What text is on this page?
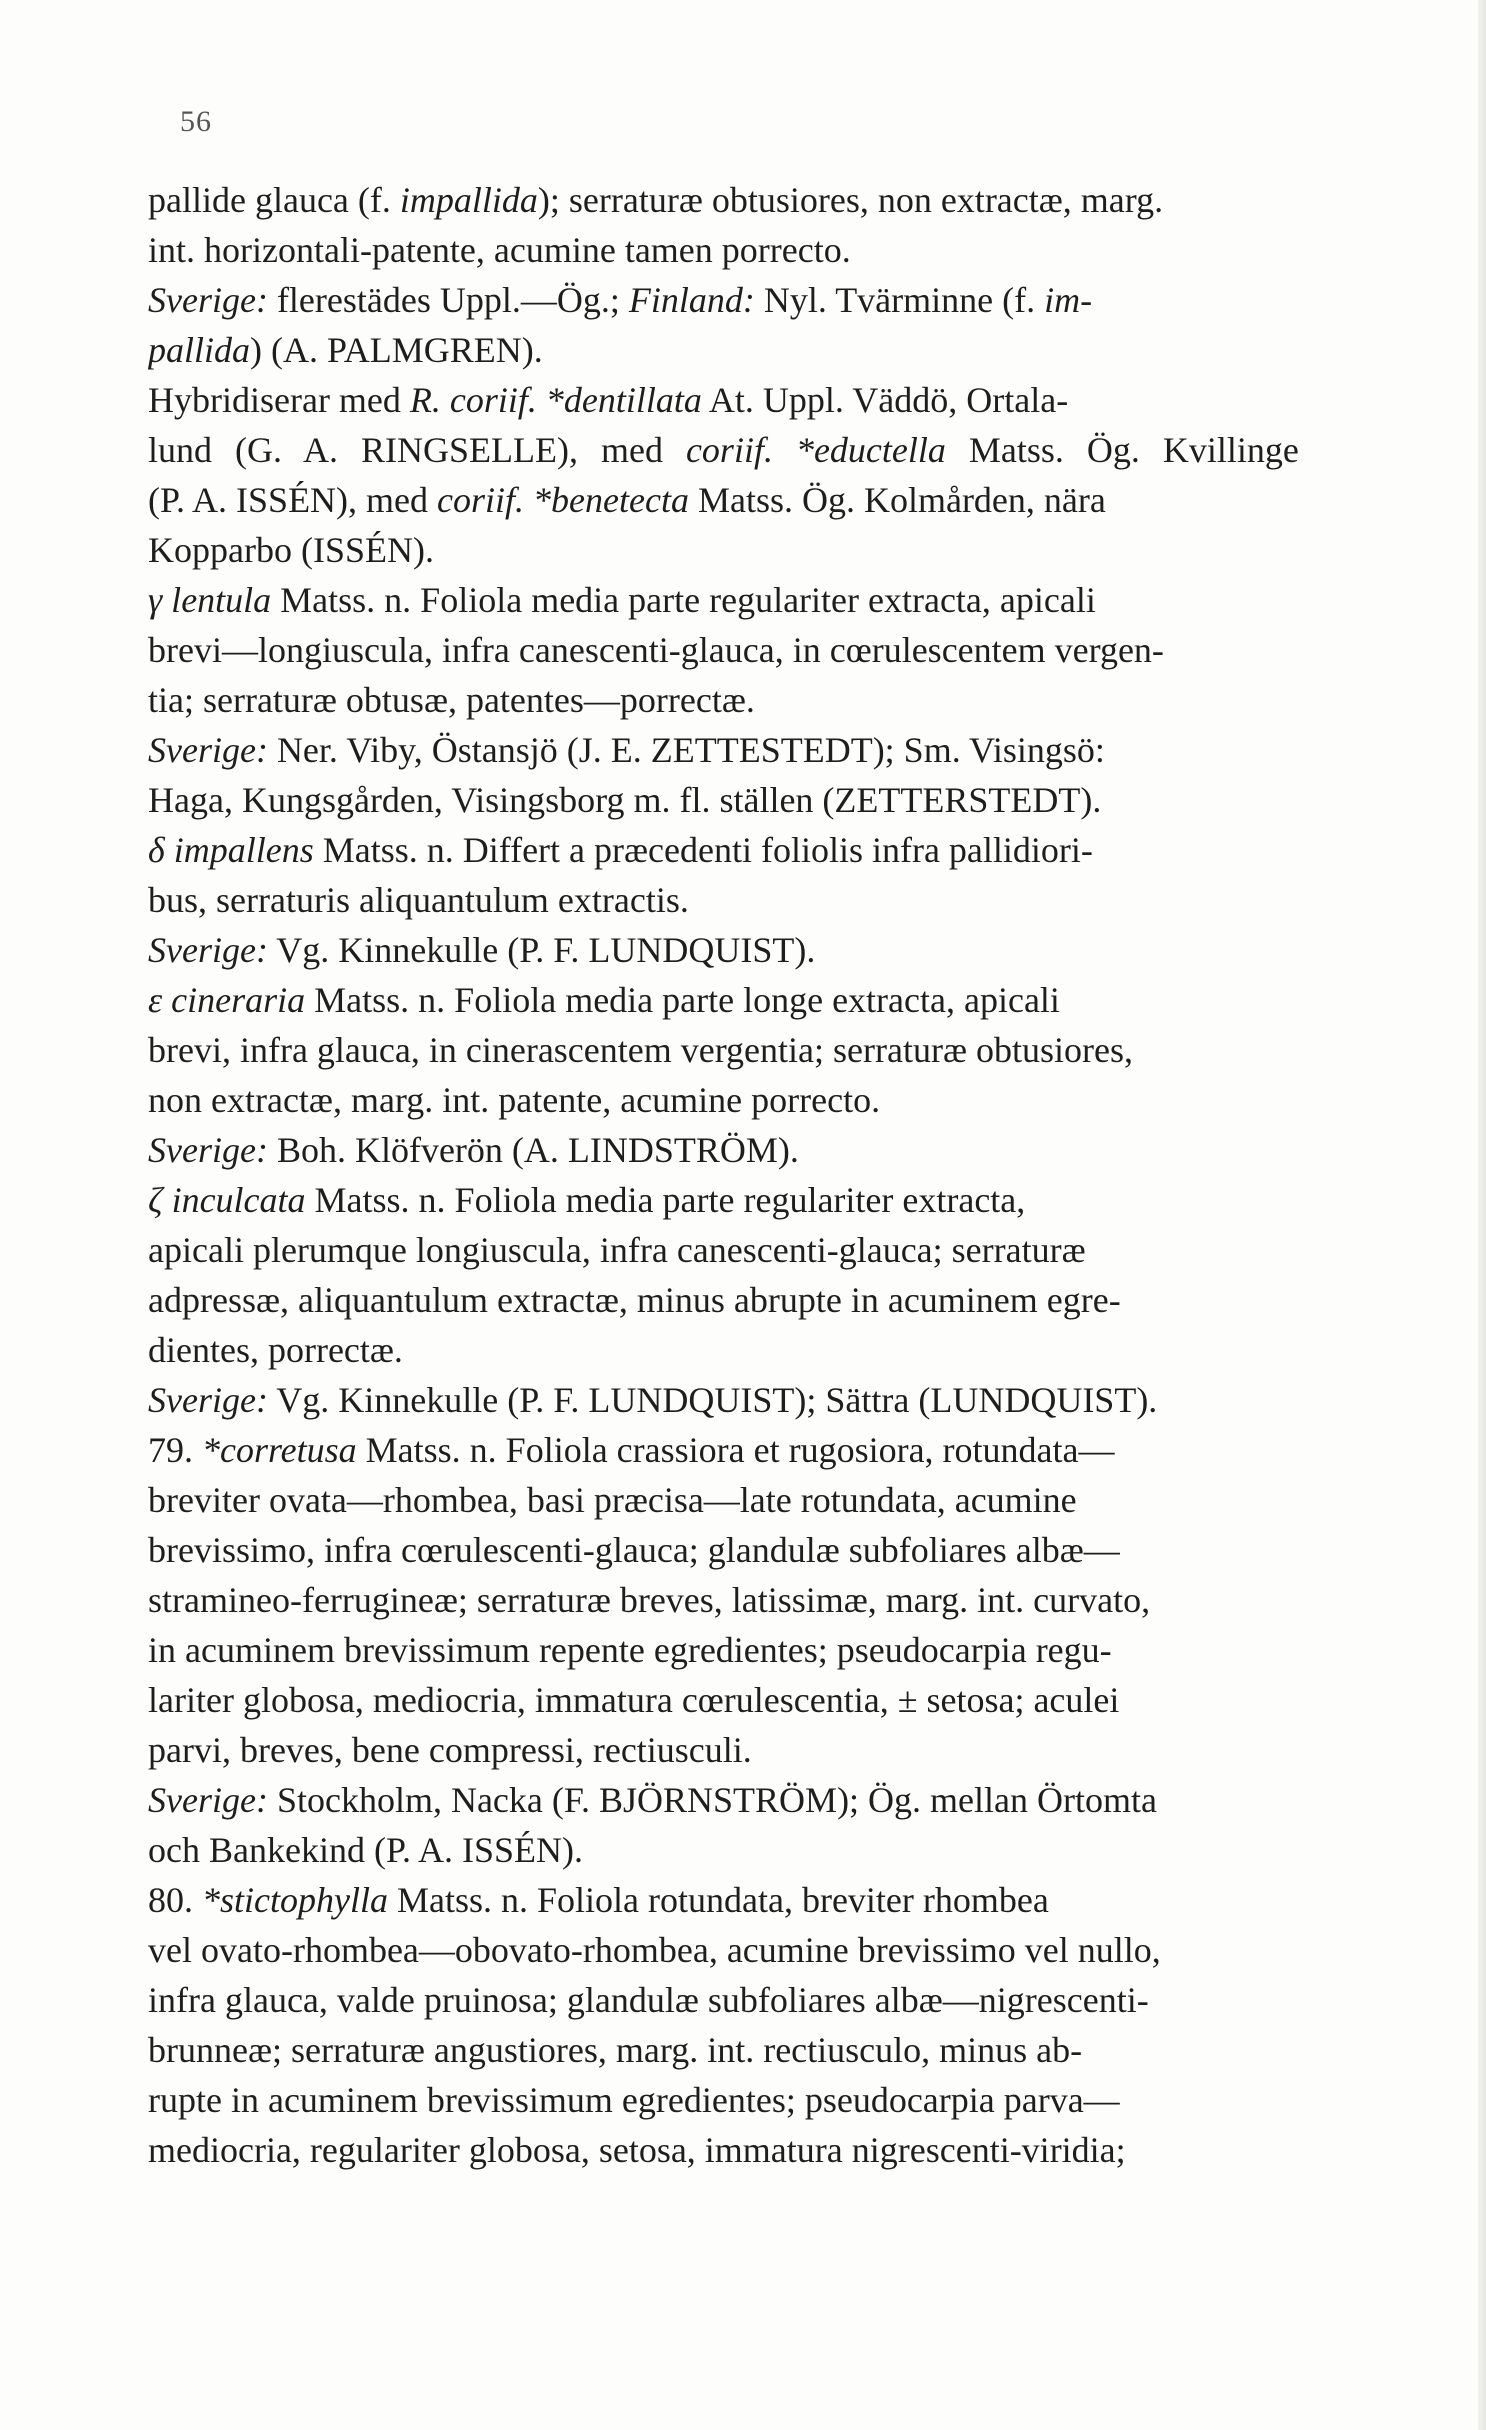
56
pallide glauca (f. impallida); serraturæ obtusiores, non extractæ, marg.
int. horizontali-patente, acumine tamen porrecto.
Sverige: flerestädes Uppl.—Ög.; Finland: Nyl. Tvärminne (f. im-
pallida) (A. PALMGREN).
Hybridiserar med R. coriif. *dentillata At. Uppl. Väddö, Ortala-
lund (G. A. RINGSELLE), med coriif. *eductella Matss. Ög. Kvillinge
(P. A. ISSÉN), med coriif. *benetecta Matss. Ög. Kolmården, nära
Kopparbo (ISSÉN).
γ lentula Matss. n. Foliola media parte regulariter extracta, apicali
brevi—longiuscula, infra canescenti-glauca, in cœrulescentem vergen-
tia; serraturæ obtusæ, patentes—porrectæ.
Sverige: Ner. Viby, Östansjö (J. E. ZETTESTEDT); Sm. Visingsö:
Haga, Kungsgården, Visingsborg m. fl. ställen (ZETTERSTEDT).
δ impallens Matss. n. Differt a præcedenti foliolis infra pallidiori-
bus, serraturis aliquantulum extractis.
Sverige: Vg. Kinnekulle (P. F. LUNDQUIST).
ε cineraria Matss. n. Foliola media parte longe extracta, apicali
brevi, infra glauca, in cinerascentem vergentia; serraturæ obtusiores,
non extractæ, marg. int. patente, acumine porrecto.
Sverige: Boh. Klöfverön (A. LINDSTRÖM).
ζ inculcata Matss. n. Foliola media parte regulariter extracta,
apicali plerumque longiuscula, infra canescenti-glauca; serraturæ
adpressæ, aliquantulum extractæ, minus abrupte in acuminem egre-
dientes, porrectæ.
Sverige: Vg. Kinnekulle (P. F. LUNDQUIST); Sättra (LUNDQUIST).
79. *corretusa Matss. n. Foliola crassiora et rugosiora, rotundata—
breviter ovata—rhombea, basi præcisa—late rotundata, acumine
brevissimo, infra cœrulescenti-glauca; glandulæ subfoliares albæ—
stramineo-ferrugineæ; serraturæ breves, latissimæ, marg. int. curvato,
in acuminem brevissimum repente egredientes; pseudocarpia regu-
lariter globosa, mediocria, immatura cœrulescentia, ± setosa; aculei
parvi, breves, bene compressi, rectiusculi.
Sverige: Stockholm, Nacka (F. BJÖRNSTRÖM); Ög. mellan Örtomta
och Bankekind (P. A. ISSÉN).
80. *stictophylla Matss. n. Foliola rotundata, breviter rhombea
vel ovato-rhombea—obovato-rhombea, acumine brevissimo vel nullo,
infra glauca, valde pruinosa; glandulæ subfoliares albæ—nigrescenti-
brunneæ; serraturæ angustiores, marg. int. rectiusculo, minus ab-
rupte in acuminem brevissimum egredientes; pseudocarpia parva—
mediocria, regulariter globosa, setosa, immatura nigrescenti-viridia;
